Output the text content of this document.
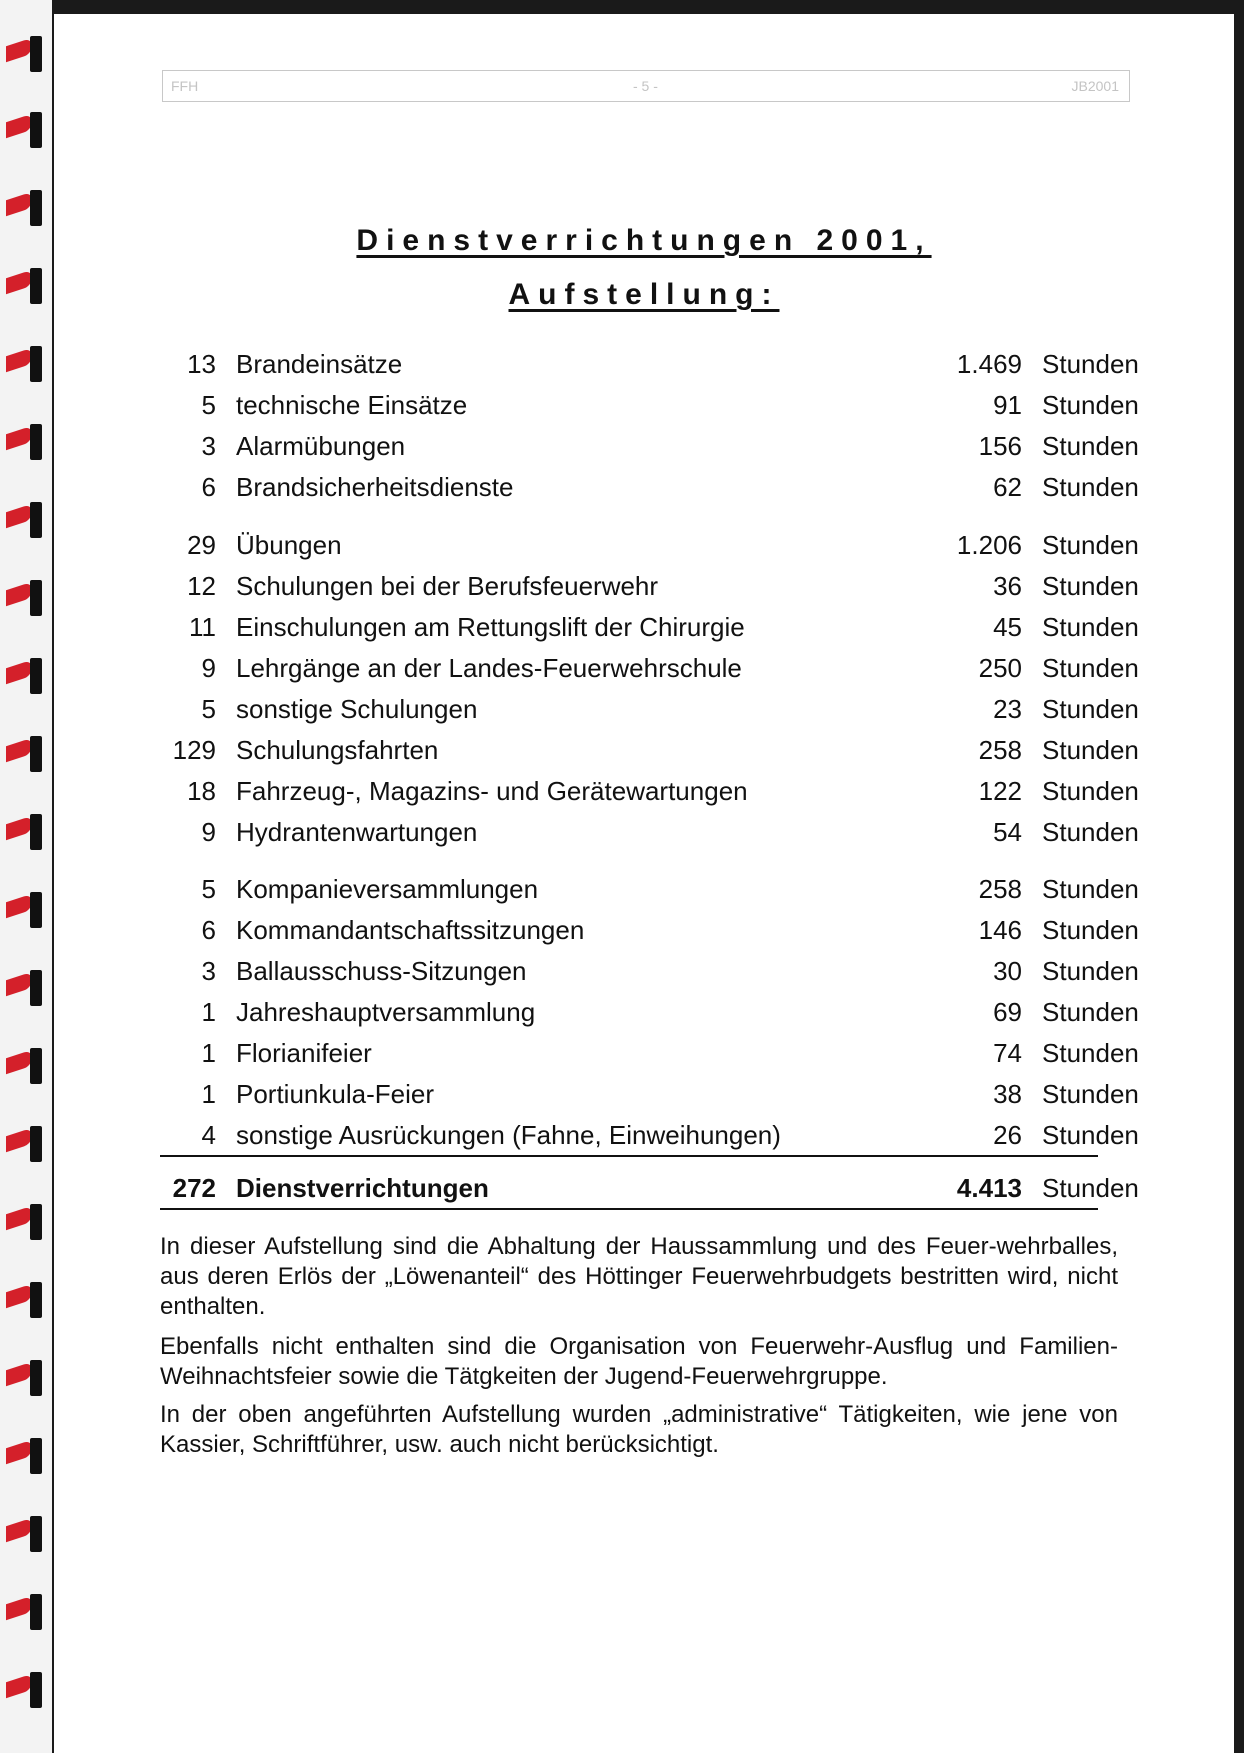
FFH	- 5 -	JB2001
Dienstverrichtungen 2001,
Aufstellung:
13 Brandeinsätze	1.469 Stunden
5 technische Einsätze	91 Stunden
3 Alarmübungen	156 Stunden
6 Brandsicherheitsdienste	62 Stunden
29 Übungen	1.206 Stunden
12 Schulungen bei der Berufsfeuerwehr	36 Stunden
11 Einschulungen am Rettungslift der Chirurgie	45 Stunden
9 Lehrgänge an der Landes-Feuerwehrschule	250 Stunden
5 sonstige Schulungen	23 Stunden
129 Schulungsfahrten	258 Stunden
18 Fahrzeug-, Magazins- und Gerätewartungen	122 Stunden
9 Hydrantenwartungen	54 Stunden
5 Kompanieversammlungen	258 Stunden
6 Kommandantschaftssitzungen	146 Stunden
3 Ballausschuss-Sitzungen	30 Stunden
1 Jahreshauptversammlung	69 Stunden
1 Florianifeier	74 Stunden
1 Portiunkula-Feier	38 Stunden
4 sonstige Ausrückungen (Fahne, Einweihungen)	26 Stunden
272 Dienstverrichtungen	4.413 Stunden

In dieser Aufstellung sind die Abhaltung der Haussammlung und des Feuer-wehrballes, aus deren Erlös der „Löwenanteil“ des Höttinger Feuerwehrbudgets bestritten wird, nicht enthalten.

Ebenfalls nicht enthalten sind die Organisation von Feuerwehr-Ausflug und Familien-Weihnachtsfeier sowie die Tätgkeiten der Jugend-Feuerwehrgruppe.

In der oben angeführten Aufstellung wurden „administrative“ Tätigkeiten, wie jene von Kassier, Schriftführer, usw. auch nicht berücksichtigt.
